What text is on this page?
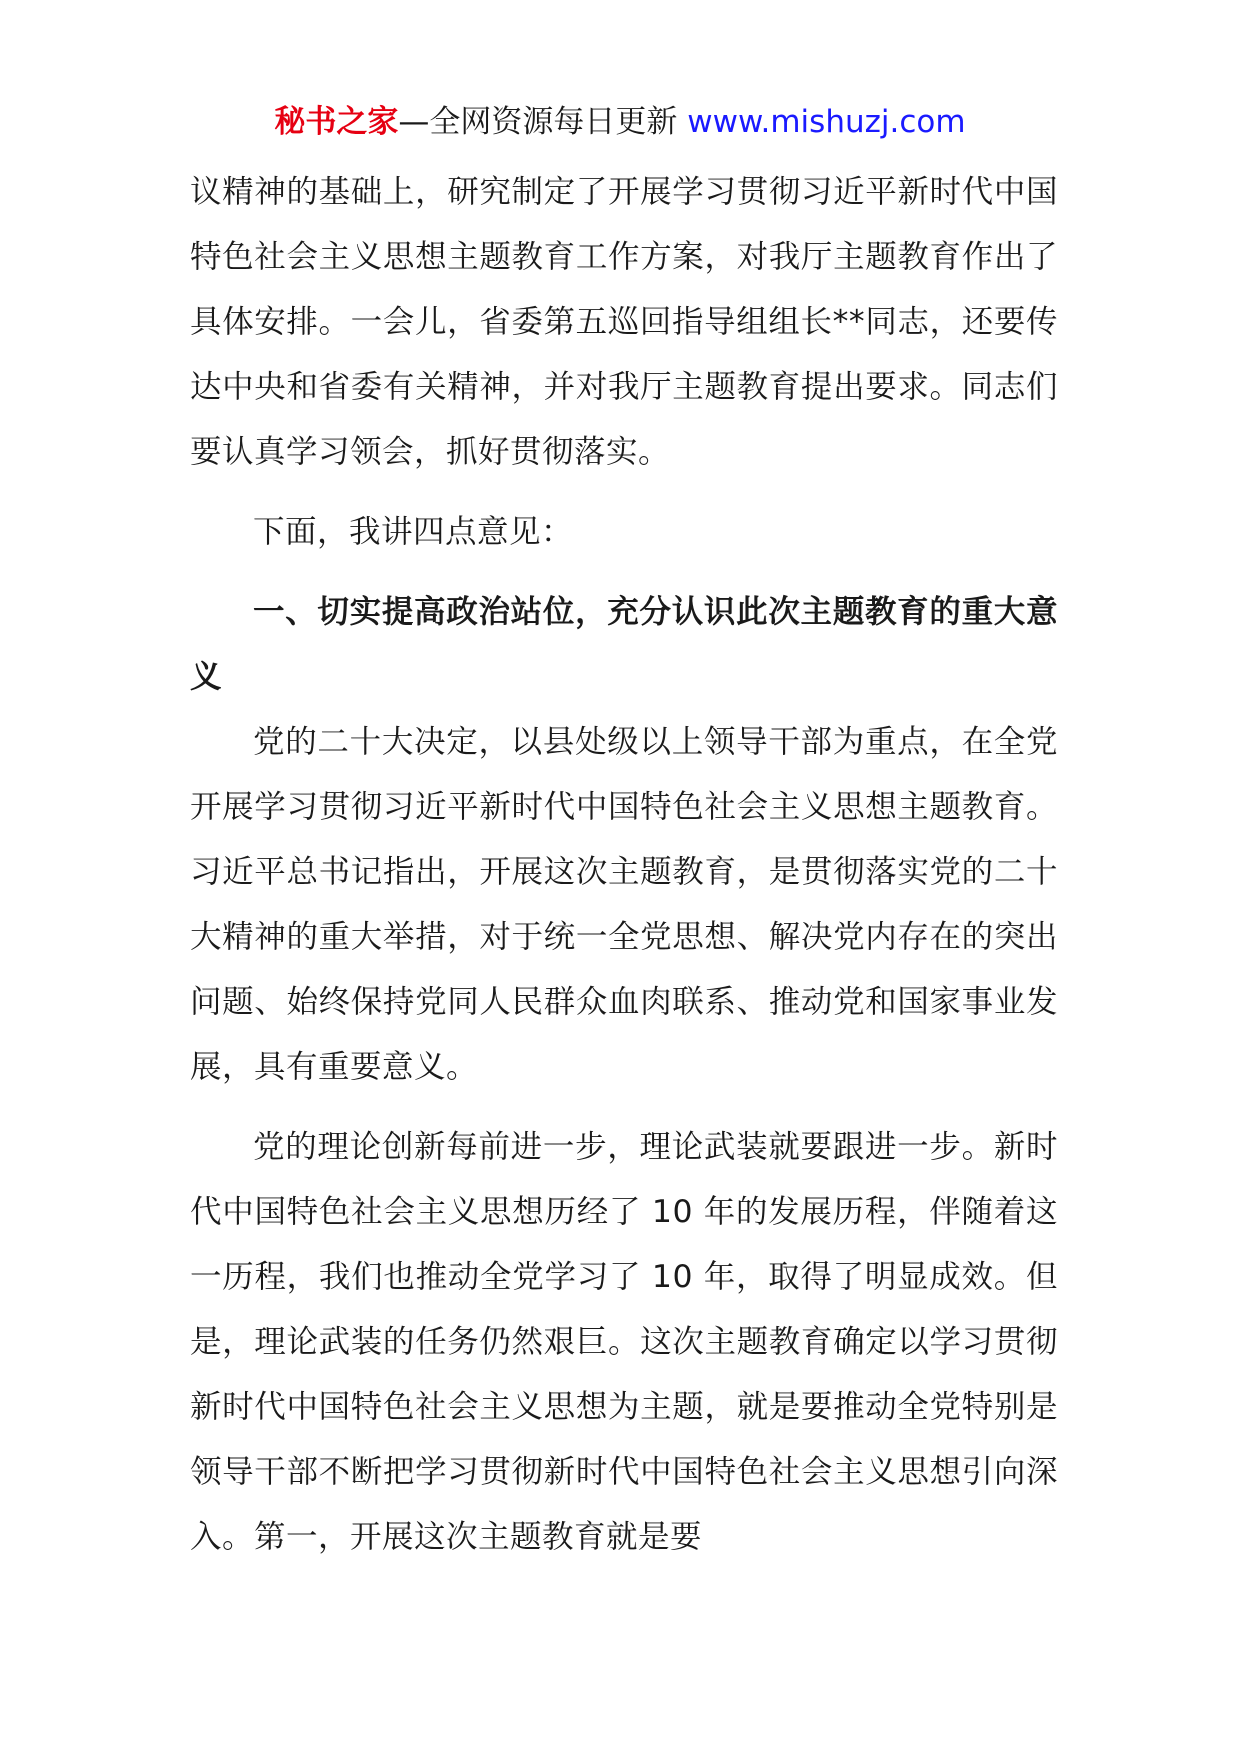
秘书之家—全网资源每日更新 www.mishuzj.com

议精神的基础上，研究制定了开展学习贯彻习近平新时代中国特色社会主义思想主题教育工作方案，对我厅主题教育作出了具体安排。一会儿，省委第五巡回指导组组长**同志，还要传达中央和省委有关精神，并对我厅主题教育提出要求。同志们要认真学习领会，抓好贯彻落实。

下面，我讲四点意见：

一、切实提高政治站位，充分认识此次主题教育的重大意义

党的二十大决定，以县处级以上领导干部为重点，在全党开展学习贯彻习近平新时代中国特色社会主义思想主题教育。习近平总书记指出，开展这次主题教育，是贯彻落实党的二十大精神的重大举措，对于统一全党思想、解决党内存在的突出问题、始终保持党同人民群众血肉联系、推动党和国家事业发展，具有重要意义。

党的理论创新每前进一步，理论武装就要跟进一步。新时代中国特色社会主义思想历经了 10 年的发展历程，伴随着这一历程，我们也推动全党学习了 10 年，取得了明显成效。但是，理论武装的任务仍然艰巨。这次主题教育确定以学习贯彻新时代中国特色社会主义思想为主题，就是要推动全党特别是领导干部不断把学习贯彻新时代中国特色社会主义思想引向深入。第一，开展这次主题教育就是要
